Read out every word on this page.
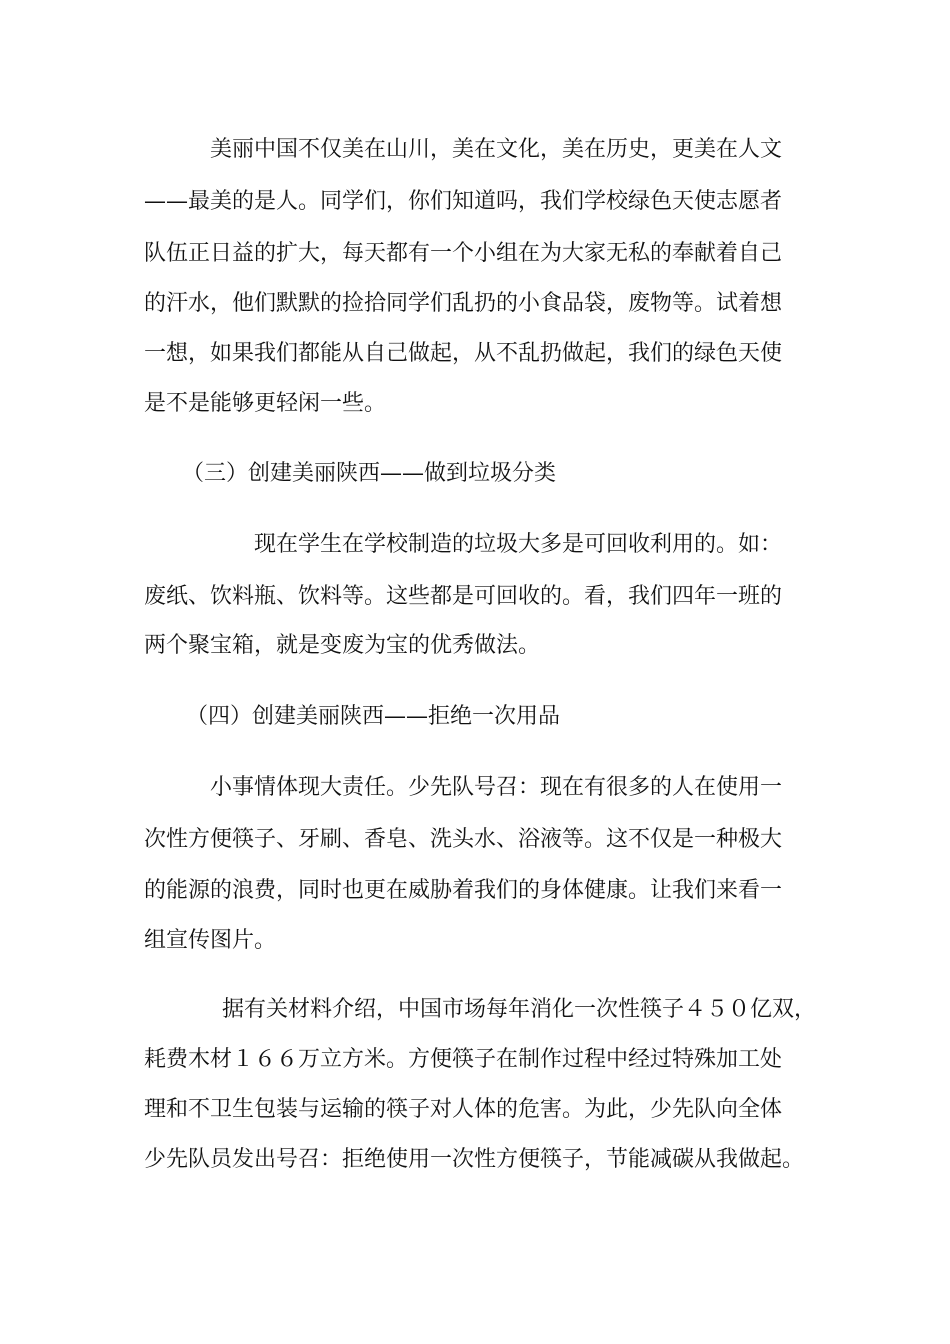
美丽中国不仅美在山川，美在文化，美在历史，更美在人文
——最美的是人。同学们，你们知道吗，我们学校绿色天使志愿者
队伍正日益的扩大，每天都有一个小组在为大家无私的奉献着自己
的汗水，他们默默的捡拾同学们乱扔的小食品袋，废物等。试着想
一想，如果我们都能从自己做起，从不乱扔做起，我们的绿色天使
是不是能够更轻闲一些。
（三）创建美丽陕西——做到垃圾分类
现在学生在学校制造的垃圾大多是可回收利用的。如：
废纸、饮料瓶、饮料等。这些都是可回收的。看，我们四年一班的
两个聚宝箱，就是变废为宝的优秀做法。
（四）创建美丽陕西——拒绝一次用品
小事情体现大责任。少先队号召：现在有很多的人在使用一
次性方便筷子、牙刷、香皂、洗头水、浴液等。这不仅是一种极大
的能源的浪费，同时也更在威胁着我们的身体健康。让我们来看一
组宣传图片。
据有关材料介绍，中国市场每年消化一次性筷子４５０亿双，
耗费木材１６６万立方米。方便筷子在制作过程中经过特殊加工处
理和不卫生包装与运输的筷子对人体的危害。为此，少先队向全体
少先队员发出号召：拒绝使用一次性方便筷子，节能减碳从我做起。
